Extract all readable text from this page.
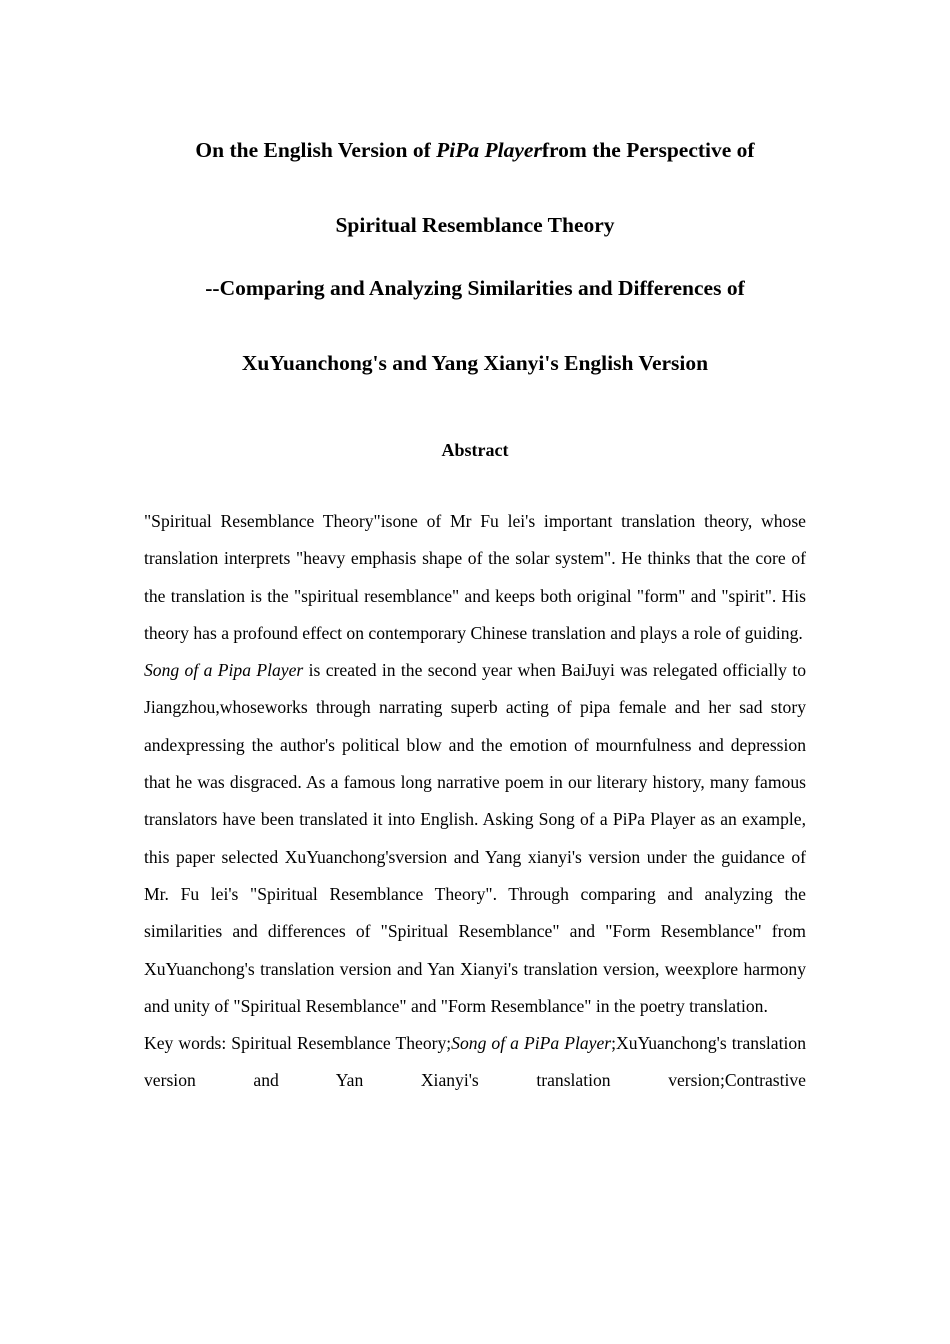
On the English Version of PiPa Playerfrom the Perspective of
Spiritual Resemblance Theory
--Comparing and Analyzing Similarities and Differences of
XuYuanchong's and Yang Xianyi's English Version
Abstract

"Spiritual Resemblance Theory"isone of Mr Fu lei's important translation theory, whose translation interprets "heavy emphasis shape of the solar system". He thinks that the core of the translation is the "spiritual resemblance" and keeps both original "form" and "spirit". His theory has a profound effect on contemporary Chinese translation and plays a role of guiding.

Song of a Pipa Player is created in the second year when BaiJuyi was relegated officially to Jiangzhou,whoseworks through narrating superb acting of pipa female and her sad story andexpressing the author's political blow and the emotion of mournfulness and depression that he was disgraced. As a famous long narrative poem in our literary history, many famous translators have been translated it into English. Asking Song of a PiPa Player as an example, this paper selected XuYuanchong'sversion and Yang xianyi's version under the guidance of Mr. Fu lei's "Spiritual Resemblance Theory". Through comparing and analyzing the similarities and differences of "Spiritual Resemblance" and "Form Resemblance" from XuYuanchong's translation version and Yan Xianyi's translation version, weexplore harmony and unity of "Spiritual Resemblance" and "Form Resemblance" in the poetry translation.

Key words: Spiritual Resemblance Theory;Song of a PiPa Player;XuYuanchong's translation version and Yan Xianyi's translation version;Contrastive
